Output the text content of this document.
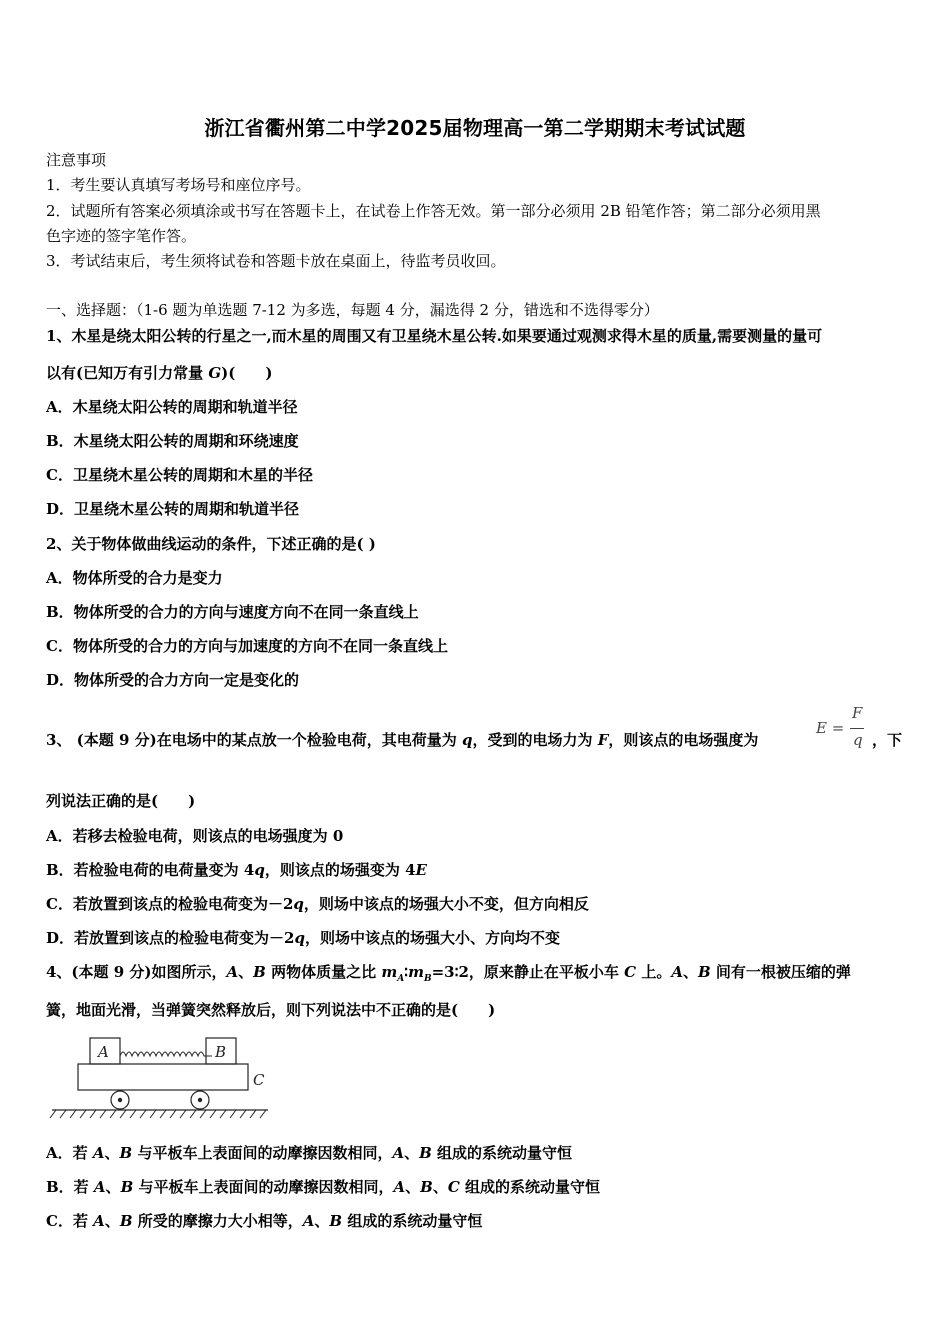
浙江省衢州第二中学2025届物理高一第二学期期末考试试题
注意事项
1．考生要认真填写考场号和座位序号。
2．试题所有答案必须填涂或书写在答题卡上，在试卷上作答无效。第一部分必须用 2B 铅笔作答；第二部分必须用黑
色字迹的签字笔作答。
3．考试结束后，考生须将试卷和答题卡放在桌面上，待监考员收回。
一、选择题：（1-6 题为单选题 7-12 为多选，每题 4 分，漏选得 2 分，错选和不选得零分）
1、木星是绕太阳公转的行星之一,而木星的周围又有卫星绕木星公转.如果要通过观测求得木星的质量,需要测量的量可
以有(已知万有引力常量 G)(　　)
A．木星绕太阳公转的周期和轨道半径
B．木星绕太阳公转的周期和环绕速度
C．卫星绕木星公转的周期和木星的半径
D．卫星绕木星公转的周期和轨道半径
2、关于物体做曲线运动的条件，下述正确的是( )
A．物体所受的合力是变力
B．物体所受的合力的方向与速度方向不在同一条直线上
C．物体所受的合力的方向与加速度的方向不在同一条直线上
D．物体所受的合力方向一定是变化的
3、 (本题 9 分)在电场中的某点放一个检验电荷，其电荷量为 q，受到的电场力为 F，则该点的电场强度为
E =
F
q ，下
列说法正确的是(　　)
A．若移去检验电荷，则该点的电场强度为 0
B．若检验电荷的电荷量变为 4q，则该点的场强变为 4E
C．若放置到该点的检验电荷变为－2q，则场中该点的场强大小不变，但方向相反
D．若放置到该点的检验电荷变为－2q，则场中该点的场强大小、方向均不变
4、(本题 9 分)如图所示，A、B 两物体质量之比 $m_A∶m_B=3∶2$，原来静止在平板小车 C 上。A、B 间有一根被压缩的弹
簧，地面光滑，当弹簧突然释放后，则下列说法中不正确的是(　　)
A	B
C
A．若 A、B 与平板车上表面间的动摩擦因数相同，A、B 组成的系统动量守恒
B．若 A、B 与平板车上表面间的动摩擦因数相同，A、B、C 组成的系统动量守恒
C．若 A、B 所受的摩擦力大小相等，A、B 组成的系统动量守恒
